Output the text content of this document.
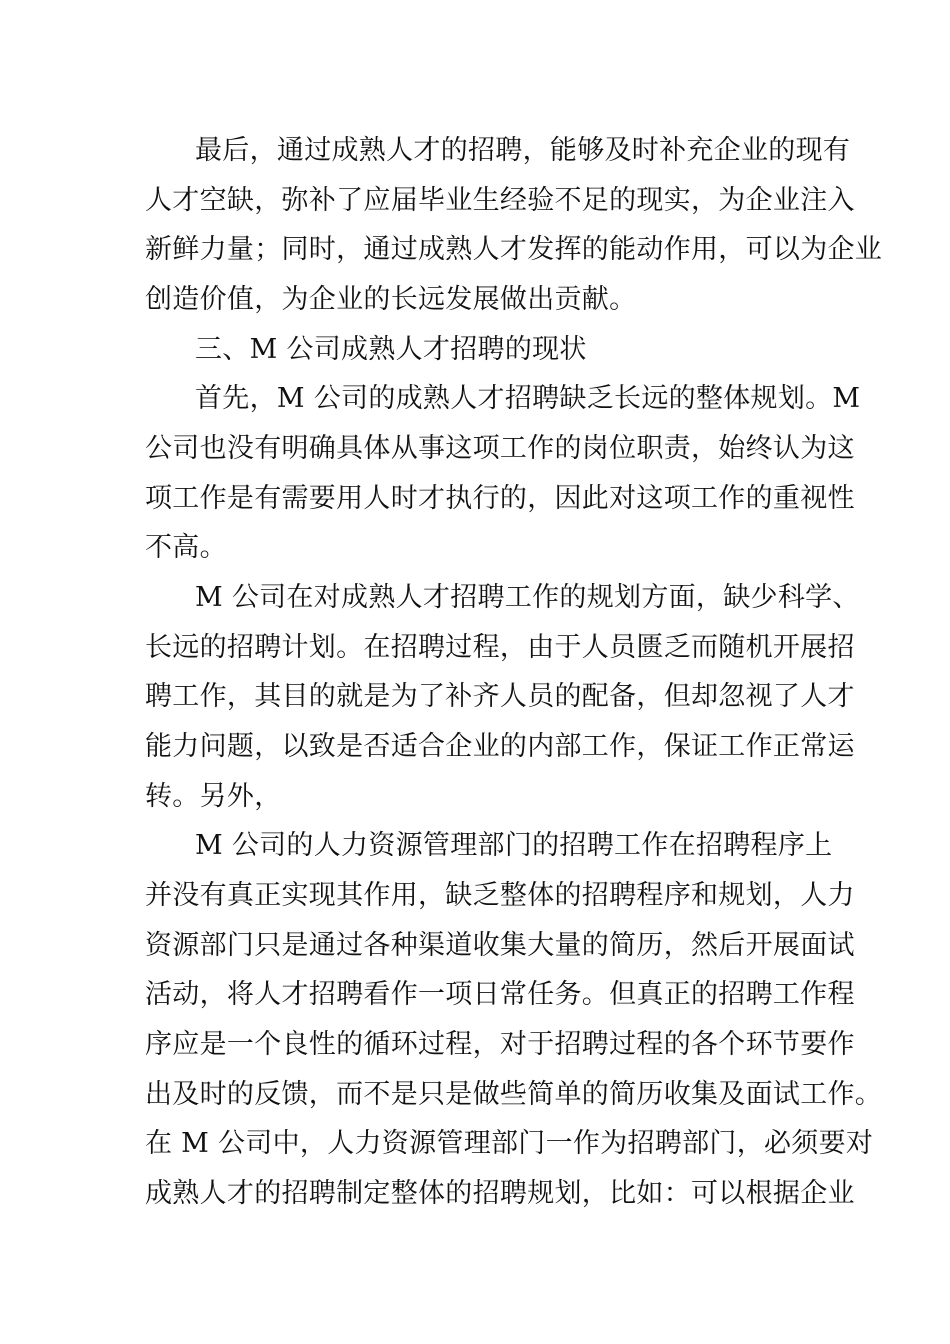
最后，通过成熟人才的招聘，能够及时补充企业的现有
人才空缺，弥补了应届毕业生经验不足的现实，为企业注入
新鲜力量；同时，通过成熟人才发挥的能动作用，可以为企业
创造价值，为企业的长远发展做出贡献。
三、M 公司成熟人才招聘的现状
首先，M 公司的成熟人才招聘缺乏长远的整体规划。M
公司也没有明确具体从事这项工作的岗位职责，始终认为这
项工作是有需要用人时才执行的，因此对这项工作的重视性
不高。
M 公司在对成熟人才招聘工作的规划方面，缺少科学、
长远的招聘计划。在招聘过程，由于人员匮乏而随机开展招
聘工作，其目的就是为了补齐人员的配备，但却忽视了人才
能力问题，以致是否适合企业的内部工作，保证工作正常运
转。另外，
M 公司的人力资源管理部门的招聘工作在招聘程序上
并没有真正实现其作用，缺乏整体的招聘程序和规划，人力
资源部门只是通过各种渠道收集大量的简历，然后开展面试
活动，将人才招聘看作一项日常任务。但真正的招聘工作程
序应是一个良性的循环过程，对于招聘过程的各个环节要作
出及时的反馈，而不是只是做些简单的简历收集及面试工作。
在 M 公司中，人力资源管理部门一作为招聘部门，必须要对
成熟人才的招聘制定整体的招聘规划，比如：可以根据企业
